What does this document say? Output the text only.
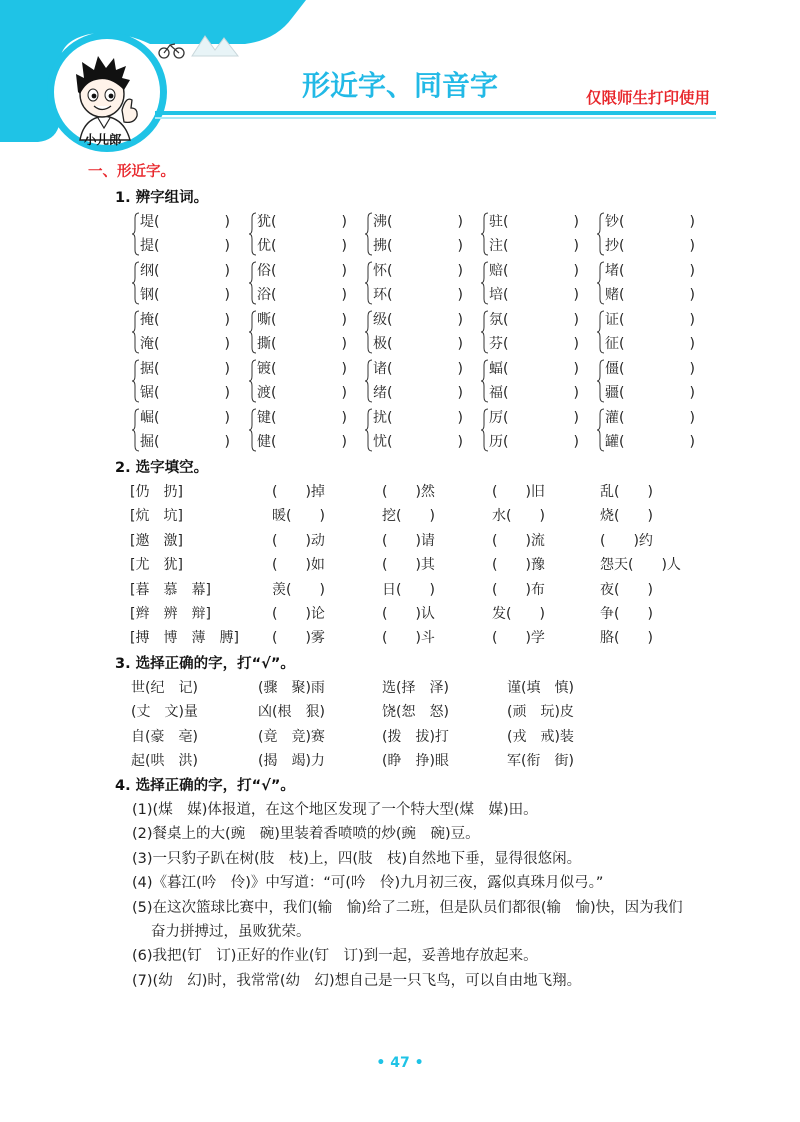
形近字、同音字	仅限师生打印使用
小儿郎
一、形近字。
1. 辨字组词。
堤(	)
提(	)
犹(	)
优(	)
沸(	)
拂(	)
驻(	)
注(	)
钞(	)
抄(	)
纲(	)
钢(	)
俗(	)
浴(	)
怀(	)
环(	)
赔(	)
培(	)
堵(	)
赌(	)
掩(	)
淹(	)
嘶(	)
撕(	)
级(	)
极(	)
氛(	)
芬(	)
证(	)
征(	)
据(	)
锯(	)
镀(	)
渡(	)
诸(	)
绪(	)
蝠(	)
福(	)
僵(	)
疆(	)
崛(	)
掘(	)
键(	)
健(	)
扰(	)
忧(	)
厉(	)
历(	)
灌(	)
罐(	)
2. 选字填空。
[仍　扔]	(　　)掉	(　　)然	(　　)旧	乱(　　)
[炕　坑]	暖(　　)	挖(　　)	水(　　)	烧(　　)
[邀　激]	(　　)动	(　　)请	(　　)流	(　　)约
[尤　犹]	(　　)如	(　　)其	(　　)豫	怨天(　　)人
[暮　慕　幕]	羡(　　)	日(　　)	(　　)布	夜(　　)
[辫　辨　辩]	(　　)论	(　　)认	发(　　)	争(　　)
[搏　博　薄　膊] (　　)雾	(　　)斗	(　　)学	胳(　　)
3. 选择正确的字，打“√”。
世(纪　记)	(骤　聚)雨	选(择　泽)	谨(填　慎)
(丈　文)量	凶(根　狠)	饶(恕　怒)	(顽　玩)皮
自(豪　亳)	(竟　竞)赛	(拨　拔)打	(戎　戒)装
起(哄　洪)	(揭　竭)力	(睁　挣)眼	军(衔　街)
4. 选择正确的字，打“√”。
(1)(煤　媒)体报道，在这个地区发现了一个特大型(煤　媒)田。
(2)餐桌上的大(豌　碗)里装着香喷喷的炒(豌　碗)豆。
(3)一只豹子趴在树(肢　枝)上，四(肢　枝)自然地下垂，显得很悠闲。
(4)《暮江(吟　伶)》中写道：“可(吟　伶)九月初三夜，露似真珠月似弓。”
(5)在这次篮球比赛中，我们(输　愉)给了二班，但是队员们都很(输　愉)快，因为我们
奋力拼搏过，虽败犹荣。
(6)我把(钉　订)正好的作业(钉　订)到一起，妥善地存放起来。
(7)(幼　幻)时，我常常(幼　幻)想自己是一只飞鸟，可以自由地飞翔。
• 47 •
